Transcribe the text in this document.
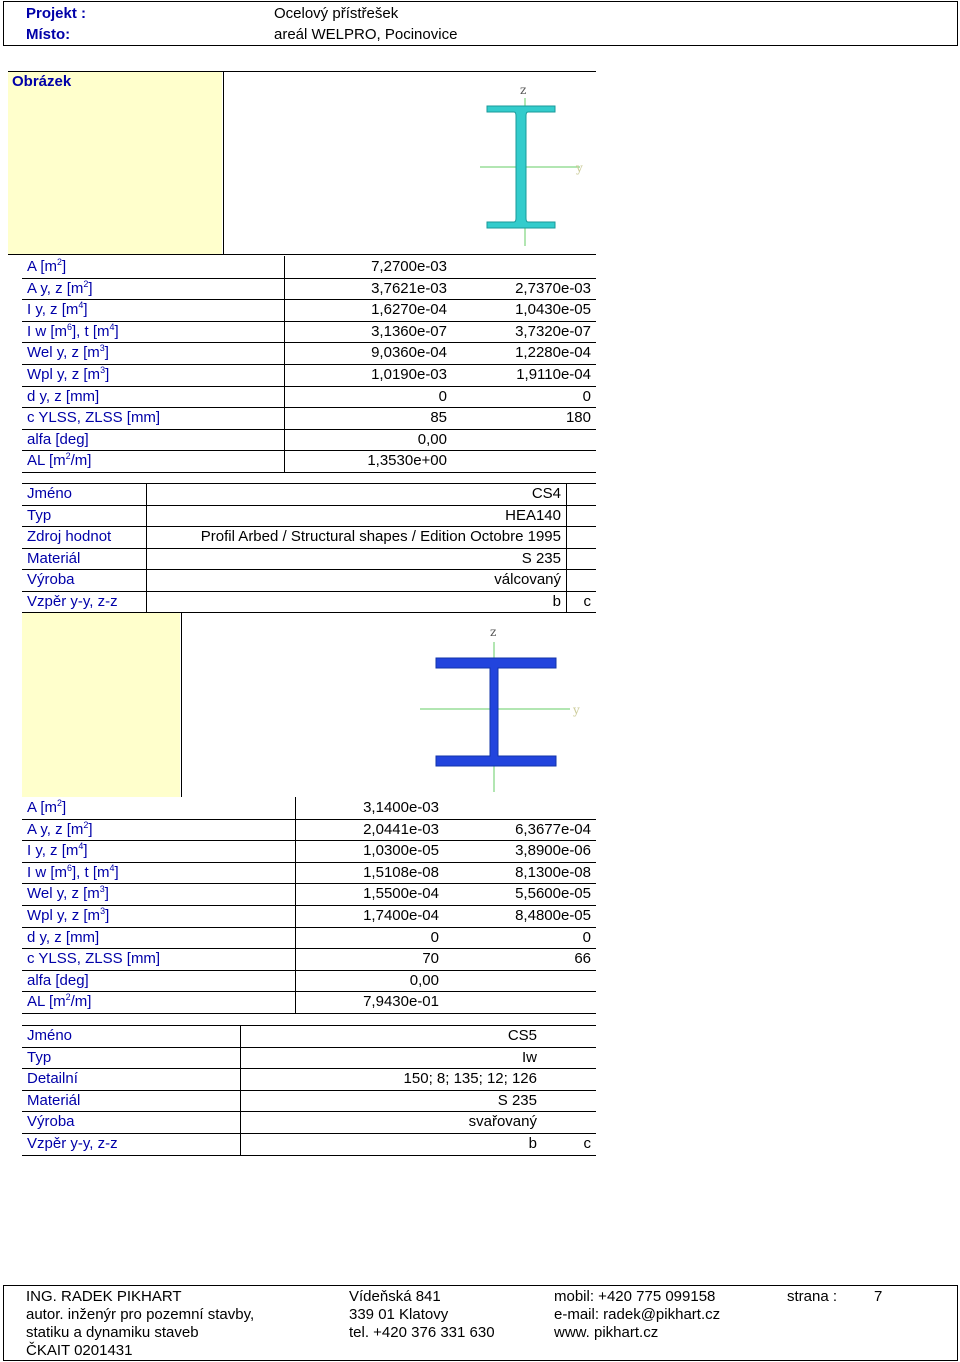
Projekt :	Ocelový přístřešek
Místo:	areál WELPRO, Pocinovice
Obrázek	z
y
A $[m^2]$	7,2700e-03
A y, z $[m^2]$	3,7621e-03	2,7370e-03
I y, z $[m^4]$	1,6270e-04	1,0430e-05
I w $[m^6]$, t $[m^4]$	3,1360e-07	3,7320e-07
Wel y, z $[m^3]$	9,0360e-04	1,2280e-04
Wpl y, z $[m^3]$	1,0190e-03	1,9110e-04
d y, z [mm]	0	0
c YLSS, ZLSS [mm]	85	180
alfa [deg]	0,00
AL $[m^2/m]$	1,3530e+00
Jméno	CS4
Typ	HEA140
Zdroj hodnot	Profil Arbed / Structural shapes / Edition Octobre 1995
Materiál	S 235
Výroba	válcovaný
Vzpěr y-y, z-z	b	c
z
y
A $[m^2]$	3,1400e-03
A y, z $[m^2]$	2,0441e-03	6,3677e-04
I y, z $[m^4]$	1,0300e-05	3,8900e-06
I w $[m^6]$, t $[m^4]$	1,5108e-08	8,1300e-08
Wel y, z $[m^3]$	1,5500e-04	5,5600e-05
Wpl y, z $[m^3]$	1,7400e-04	8,4800e-05
d y, z [mm]	0	0
c YLSS, ZLSS [mm]	70	66
alfa [deg]	0,00
AL $[m^2/m]$	7,9430e-01
Jméno	CS5
Typ	Iw
Detailní	150; 8; 135; 12; 126
Materiál	S 235
Výroba	svařovaný
Vzpěr y-y, z-z	b	c
ING. RADEK PIKHART
autor. inženýr pro pozemní stavby,
statiku a dynamiku staveb
ČKAIT 0201431
Vídeňská 841
339 01 Klatovy
tel. +420 376 331 630
mobil: +420 775 099158
e-mail: radek@pikhart.cz
www. pikhart.cz
strana : 7
